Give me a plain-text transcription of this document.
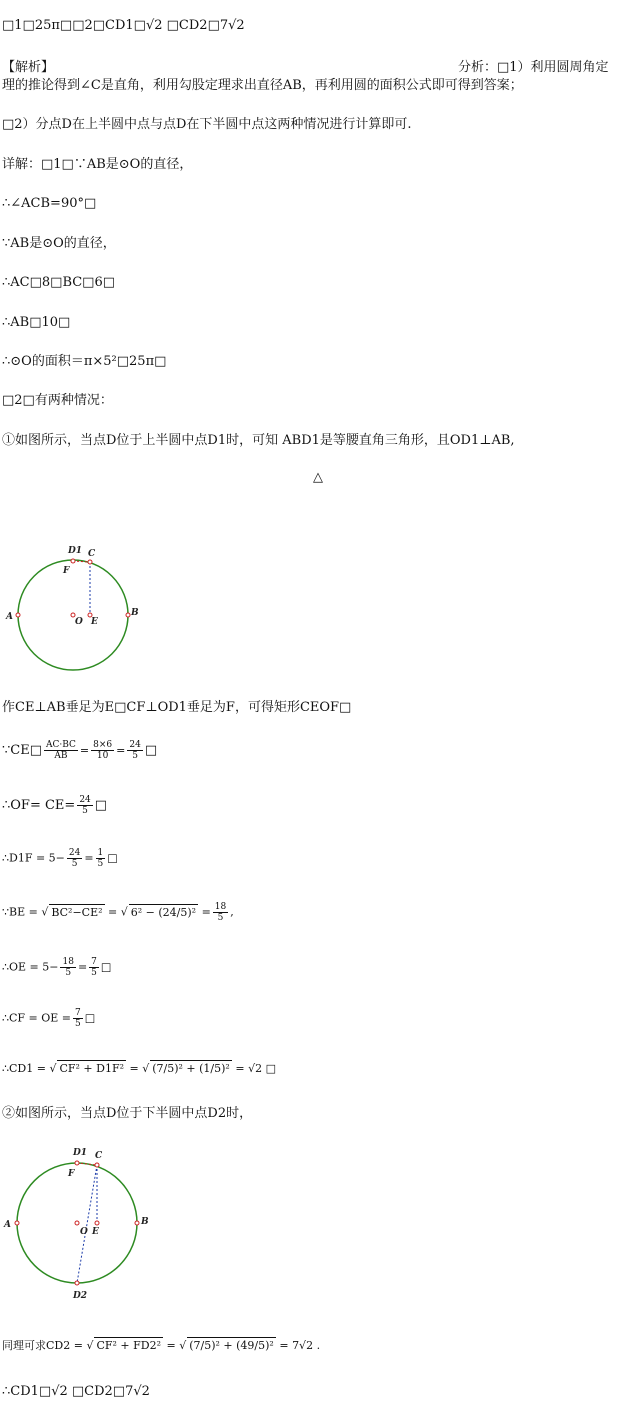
□1□25π□□2□CD1□√2 □CD2□7√2
【解析】	分析：□1）利用圆周角定
理的推论得到∠C是直角，利用勾股定理求出直径AB，再利用圆的面积公式即可得到答案；
□2）分点D在上半圆中点与点D在下半圆中点这两种情况进行计算即可.
详解：□1□∵AB是⊙O的直径，
∴∠ACB=90°□
∵AB是⊙O的直径，
∴AC□8□BC□6□
∴AB□10□
∴⊙O的面积＝π×5²□25π□
□2□有两种情况：
①如图所示，当点D位于上半圆中点D1时，可知 ABD1是等腰直角三角形，且OD1⊥AB,
△
D1 C
F
A	B
O E
作CE⊥AB垂足为E□CF⊥OD1垂足为F，可得矩形CEOF□
∵CE□ $\frac{AC\cdot BC}{AB} = \frac{8\times 6}{10} = \frac{24}{5}$ □
∴OF= $CE= \frac{24}{5}$ □
∴D1F = $5- \frac{24}{5} = \frac{1}{5}$ □
∵BE = √ BC²−CE² = √ $6^2 - (24/5)^2 = \frac{18}{5}$ ,
∴OE = $5- \frac{18}{5} = \frac{7}{5}$ □
∴CF = OE = $\frac{7}{5}$ □
∴CD1 = √ CF² + D1F² = √ (7/5)² + (1/5)² = √2 □
②如图所示，当点D位于下半圆中点D2时，
D1 C
F
A	B
O E
D2
同理可求CD2 = √ CF² + FD2² = √ (7/5)² + (49/5)² = 7√2 .
∴CD1□√2 □CD2□7√2
